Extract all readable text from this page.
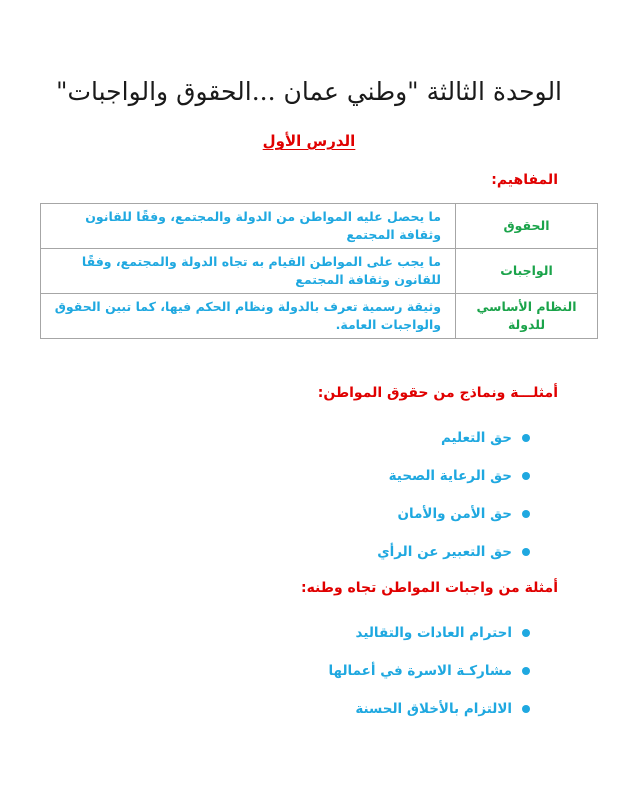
الوحدة الثالثة "وطني عمان ...الحقوق والواجبات"
الدرس الأول
المفاهيم:
الحقوق	ما يحصل عليه المواطن من الدولة والمجتمع، وفقًا للقانون وثقافة المجتمع
الواجبات	ما يجب على المواطن القيام به تجاه الدولة والمجتمع، وفقًا للقانون وثقافة المجتمع
النظام الأساسي للدولة	وثيقة رسمية تعرف بالدولة ونظام الحكم فيها، كما تبين الحقوق والواجبات العامة.
أمثلـــة ونماذج من حقوق المواطن:
حق التعليم
حق الرعاية الصحية
حق الأمن والأمان
حق التعبير عن الرأي
أمثلة من واجبات المواطن تجاه وطنه:
احترام العادات والتقاليد
مشاركـة الاسرة في أعمالها
الالتزام بالأخلاق الحسنة
